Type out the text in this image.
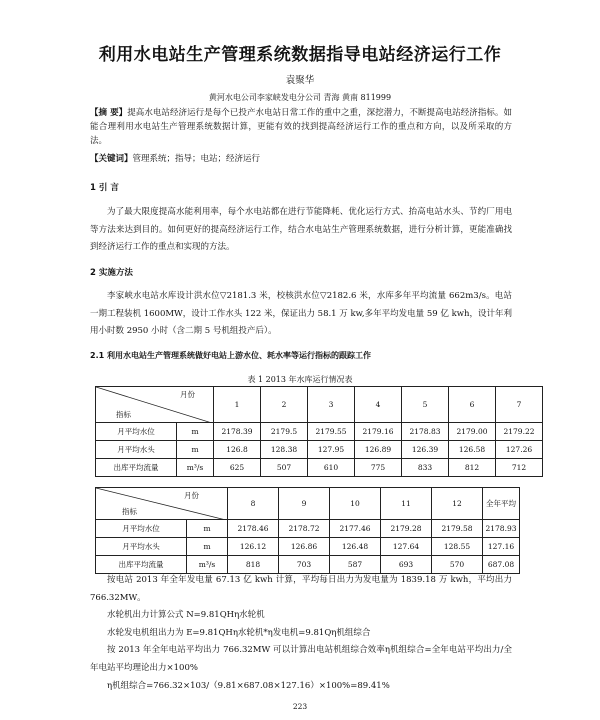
利用水电站生产管理系统数据指导电站经济运行工作
袁聚华
黄河水电公司李家峡发电分公司 青海 黄南 811999
【摘 要】提高水电站经济运行是每个已投产水电站日常工作的重中之重，深挖潜力，不断提高电站经济指标。如能合理利用水电站生产管理系统数据计算，更能有效的找到提高经济运行工作的重点和方向，以及所采取的方法。
【关键词】管理系统；指导；电站；经济运行
1 引 言
为了最大限度提高水能利用率，每个水电站都在进行节能降耗、优化运行方式、抬高电站水头、节约厂用电等方法来达到目的。如何更好的提高经济运行工作，结合水电站生产管理系统数据，进行分析计算，更能准确找到经济运行工作的重点和实现的方法。
2 实施方法
李家峡水电站水库设计洪水位▽2181.3 米，校核洪水位▽2182.6 米，水库多年平均流量 662m3/s。电站一期工程装机 1600MW，设计工作水头 122 米，保证出力 58.1 万 kw,多年平均发电量 59 亿 kwh，设计年利用小时数 2950 小时（含二期 5 号机组投产后）。
2.1 利用水电站生产管理系统做好电站上游水位、耗水率等运行指标的跟踪工作
表 1 2013 年水库运行情况表
月份
指标		1	2	3	4	5	6	7
月平均水位	m	2178.39	2179.5	2179.55	2179.16	2178.83	2179.00	2179.22
月平均水头	m	126.8	128.38	127.95	126.89	126.39	126.58	127.26
出库平均流量	m³/s	625	507	610	775	833	812	712
月份
指标		8	9	10	11	12	全年平均
月平均水位	m	2178.46	2178.72	2177.46	2179.28	2179.58	2178.93
月平均水头	m	126.12	126.86	126.48	127.64	128.55	127.16
出库平均流量	m³/s	818	703	587	693	570	687.08
按电站 2013 年全年发电量 67.13 亿 kwh 计算，平均每日出力为发电量为 1839.18 万 kwh，平均出力 766.32MW。
水轮机出力计算公式 N=9.81QHη水轮机
水轮发电机组出力为 E=9.81QHη水轮机*η发电机=9.81Qη机组综合
按 2013 年全年电站平均出力 766.32MW 可以计算出电站机组综合效率η机组综合=全年电站平均出力/全年电站平均理论出力×100%
η机组综合=766.32×103/（9.81×687.08×127.16）×100%=89.41%
223
